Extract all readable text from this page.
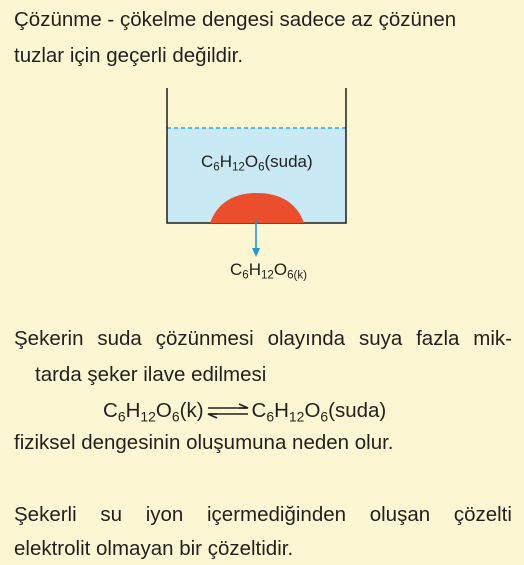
Çözünme - çökelme dengesi sadece az çözünen
tuzlar için geçerli değildir.
$C_6H_{12}O_6(suda)$
$C_6H_{12}O_{6(k)}$
Şekerin suda çözünmesi olayında suya fazla mik-
tarda şeker ilave edilmesi
$C_6H_{12}O_6(k)$ ⇌ $C_6H_{12}O_6(suda)$
fiziksel dengesinin oluşumuna neden olur.
Şekerli su iyon içermediğinden oluşan çözelti
elektrolit olmayan bir çözeltidir.
